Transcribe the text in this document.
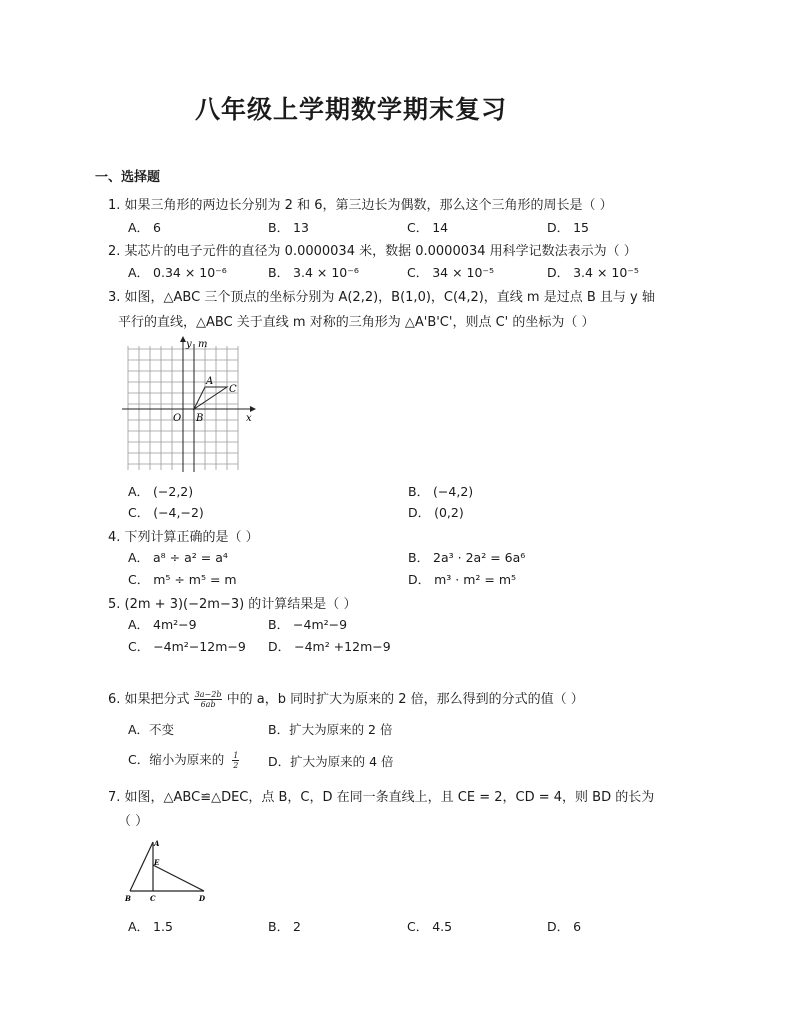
八年级上学期数学期末复习
一、选择题
1. 如果三角形的两边长分别为 2 和 6，第三边长为偶数，那么这个三角形的周长是（ ）
A． 6	B． 13	C． 14	D． 15
2. 某芯片的电子元件的直径为 0.0000034 米，数据 0.0000034 用科学记数法表示为（ ）
A． 0.34 × 10⁻⁶	B． 3.4 × 10⁻⁶	C． 34 × 10⁻⁵	D． 3.4 × 10⁻⁵
3. 如图，△ABC 三个顶点的坐标分别为 A(2,2)，B(1,0)，C(4,2)，直线 m 是过点 B 且与 y 轴
平行的直线，△ABC 关于直线 m 对称的三角形为 △A'B'C'，则点 C' 的坐标为（ ）
y m
x
O B
A
C
A． (−2,2)	B． (−4,2)
C． (−4,−2)	D． (0,2)
4. 下列计算正确的是（ ）
A． a⁸ ÷ a² = a⁴	B． 2a³ · 2a² = 6a⁶
C． m⁵ ÷ m⁵ = m	D． m³ · m² = m⁵
5. (2m + 3)(−2m−3) 的计算结果是（ ）
A． 4m²−9	B． −4m²−9
C． −4m²−12m−9 D． −4m² +12m−9
6. 如果把分式 $\frac{3a-2b}{6ab}$ 中的 a，b 同时扩大为原来的 2 倍，那么得到的分式的值（ ）
A．不变	B．扩大为原来的 2 倍
C．缩小为原来的 $\frac{1}{2}$ D．扩大为原来的 4 倍
7. 如图，△ABC≌△DEC，点 B，C，D 在同一条直线上，且 CE = 2，CD = 4，则 BD 的长为
（ ）
A
E
B	C	D
A． 1.5	B． 2	C． 4.5	D． 6
